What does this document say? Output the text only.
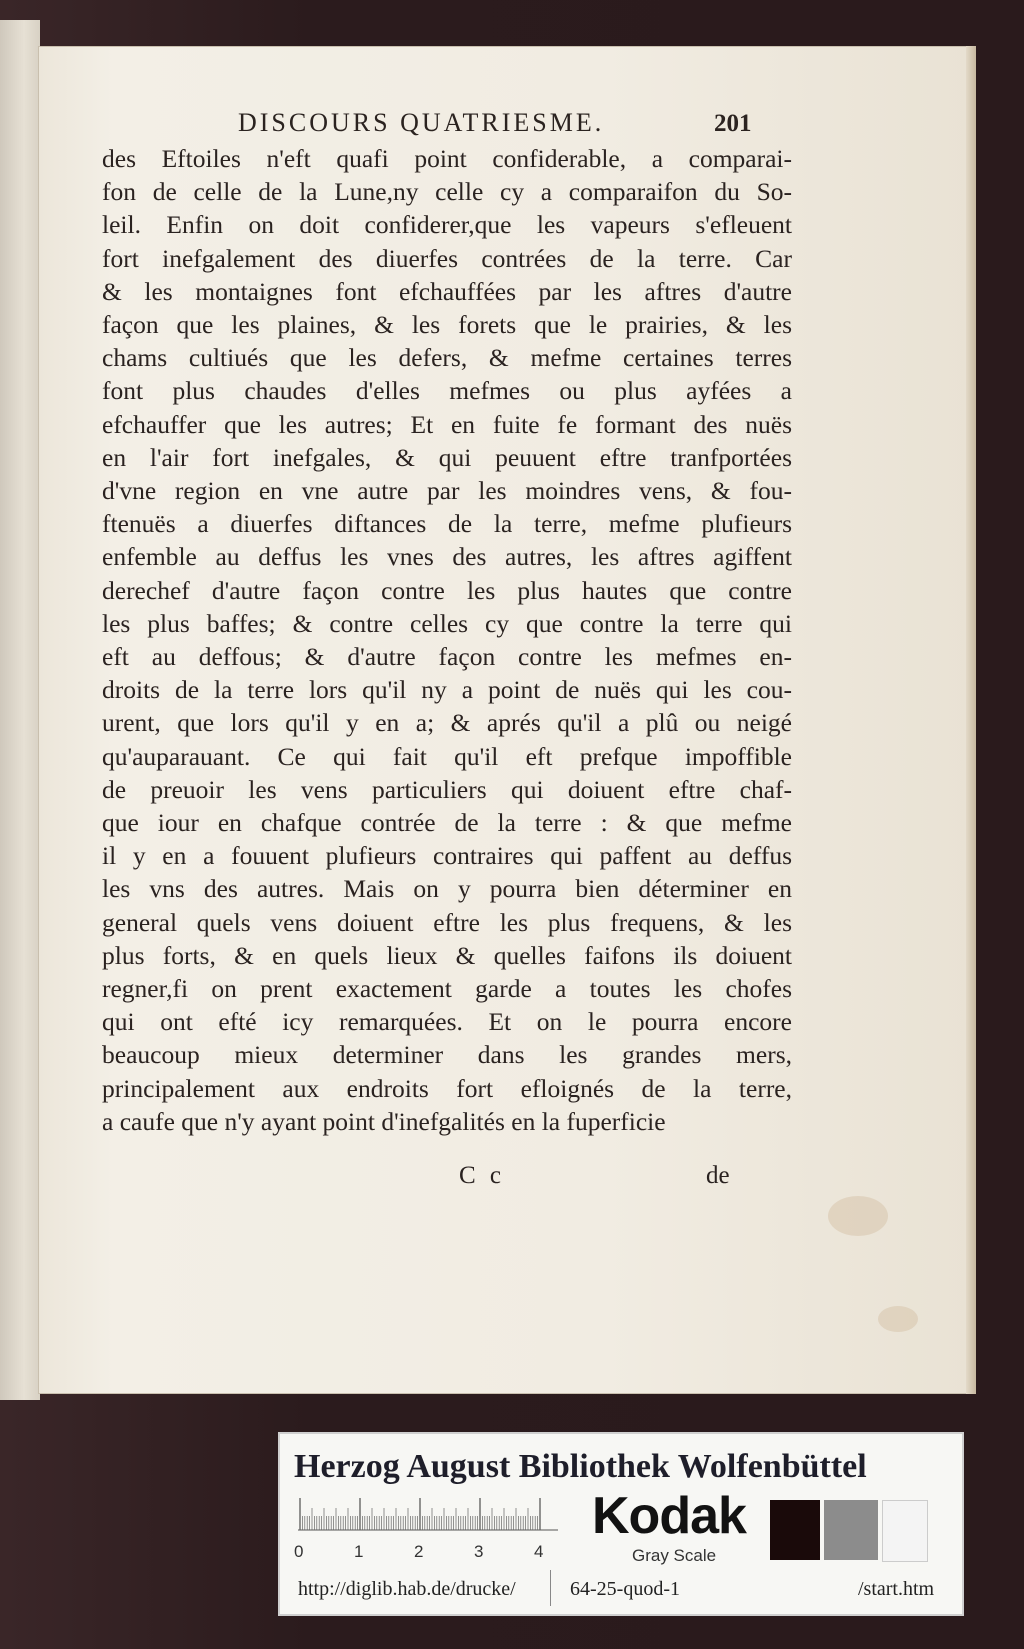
DISCOURS QUATRIESME.	201
des Eftoiles n'eft quafi point confiderable, a comparai-
fon de celle de la Lune,ny celle cy a comparaifon du So-
leil. Enfin on doit confiderer,que les vapeurs s'efleuent
fort inefgalement des diuerfes contrées de la terre. Car
& les montaignes font efchauffées par les aftres d'autre
façon que les plaines, & les forets que le prairies, & les
chams cultiués que les defers, & mefme certaines terres
font plus chaudes d'elles mefmes ou plus ayfées a
efchauffer que les autres; Et en fuite fe formant des nuës
en l'air fort inefgales, & qui peuuent eftre tranfportées
d'vne region en vne autre par les moindres vens, & fou-
ftenuës a diuerfes diftances de la terre, mefme plufieurs
enfemble au deffus les vnes des autres, les aftres agiffent
derechef d'autre façon contre les plus hautes que contre
les plus baffes; & contre celles cy que contre la terre qui
eft au deffous; & d'autre façon contre les mefmes en-
droits de la terre lors qu'il ny a point de nuës qui les cou-
urent, que lors qu'il y en a; & aprés qu'il a plû ou neigé
qu'auparauant. Ce qui fait qu'il eft prefque impoffible
de preuoir les vens particuliers qui doiuent eftre chaf-
que iour en chafque contrée de la terre : & que mefme
il y en a fouuent plufieurs contraires qui paffent au deffus
les vns des autres. Mais on y pourra bien déterminer en
general quels vens doiuent eftre les plus frequens, & les
plus forts, & en quels lieux & quelles faifons ils doiuent
regner,fi on prent exactement garde a toutes les chofes
qui ont efté icy remarquées. Et on le pourra encore
beaucoup mieux determiner dans les grandes mers,
principalement aux endroits fort efloignés de la terre,
a caufe que n'y ayant point d'inefgalités en la fuperficie
C c	de
Herzog August Bibliothek Wolfenbüttel
0	1	2	3	4
Kodak
Gray Scale
http://diglib.hab.de/drucke/	64-25-quod-1	/start.htm
